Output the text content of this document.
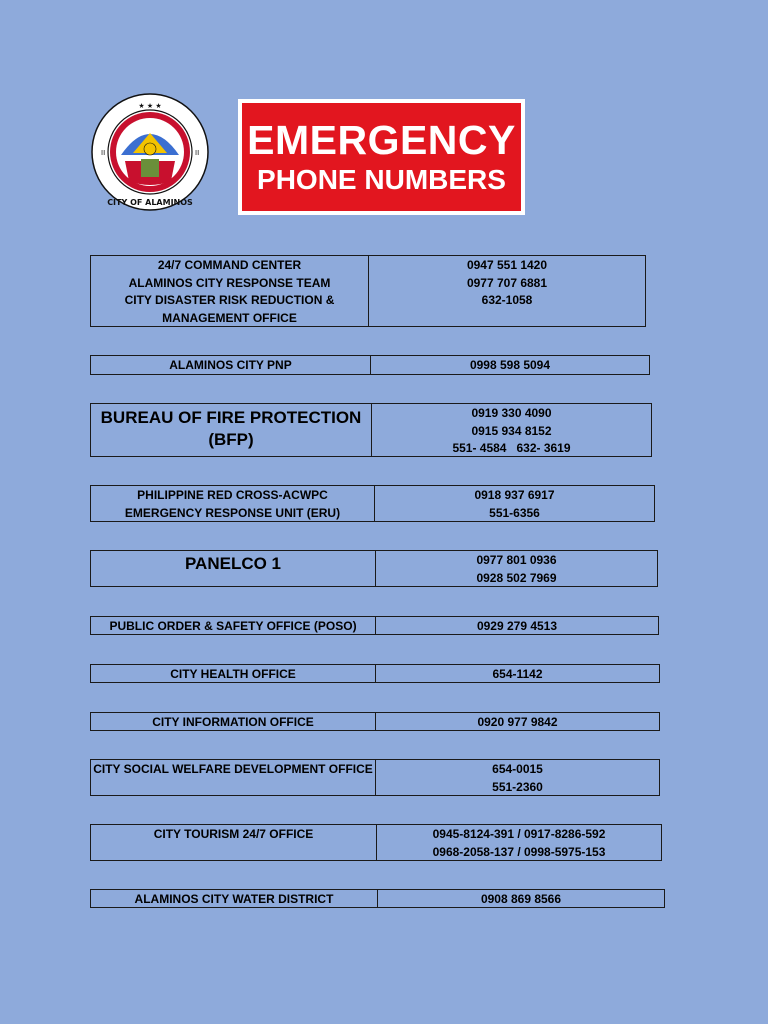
★ ★ ★
CITY OF ALAMINOS
II	II EMERGENCY
PHONE NUMBERS
24/7 COMMAND CENTER
ALAMINOS CITY RESPONSE TEAM
CITY DISASTER RISK REDUCTION &
MANAGEMENT OFFICE
0947 551 1420
0977 707 6881
632-1058
ALAMINOS CITY PNP	0998 598 5094
BUREAU OF FIRE PROTECTION
(BFP)
0919 330 4090
0915 934 8152
551- 4584   632- 3619
PHILIPPINE RED CROSS-ACWPC
EMERGENCY RESPONSE UNIT (ERU)
0918 937 6917
551-6356
PANELCO 1	0977 801 0936
0928 502 7969
PUBLIC ORDER & SAFETY OFFICE (POSO)	0929 279 4513
CITY HEALTH OFFICE	654-1142
CITY INFORMATION OFFICE	0920 977 9842
CITY SOCIAL WELFARE DEVELOPMENT OFFICE	654-0015
551-2360
CITY TOURISM 24/7 OFFICE	0945-8124-391 / 0917-8286-592
0968-2058-137 / 0998-5975-153
ALAMINOS CITY WATER DISTRICT	0908 869 8566
